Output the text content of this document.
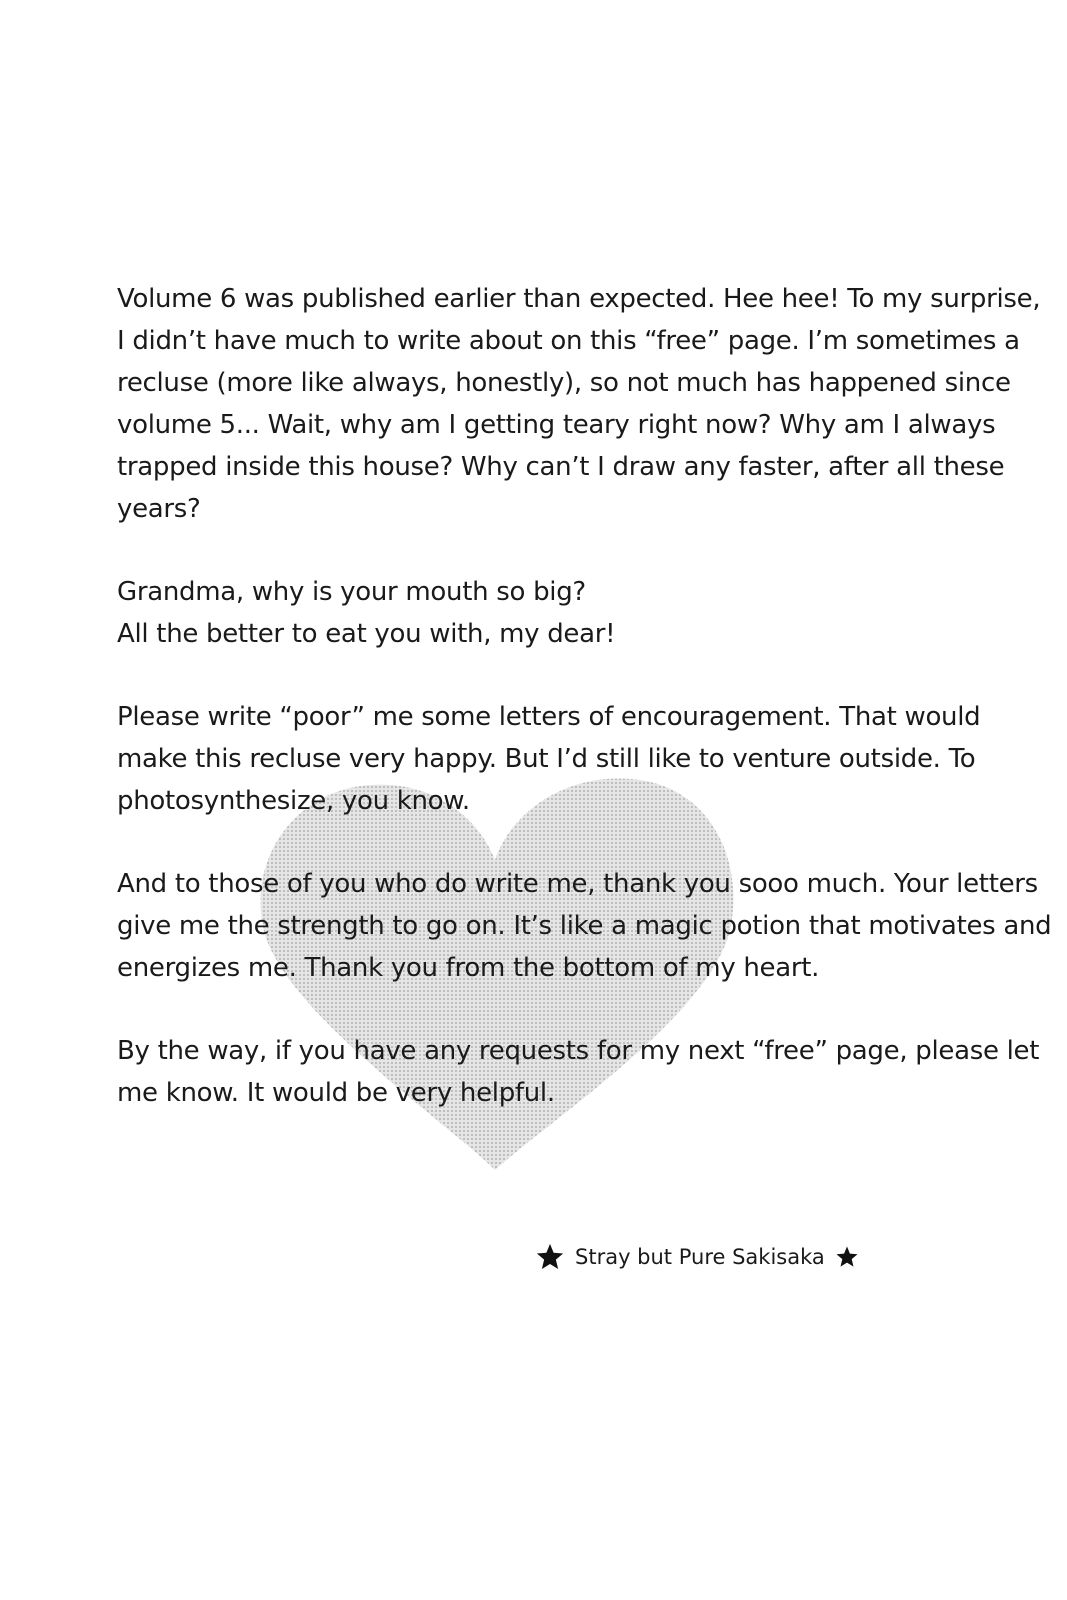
Volume 6 was published earlier than expected. Hee hee! To my surprise,
I didn’t have much to write about on this “free” page. I’m sometimes a
recluse (more like always, honestly), so not much has happened since
volume 5... Wait, why am I getting teary right now? Why am I always
trapped inside this house? Why can’t I draw any faster, after all these
years?

Grandma, why is your mouth so big?
All the better to eat you with, my dear!

Please write “poor” me some letters of encouragement. That would
make this recluse very happy. But I’d still like to venture outside. To
photosynthesize, you know.

And to those of you who do write me, thank you sooo much. Your letters
give me the strength to go on. It’s like a magic potion that motivates and
energizes me. Thank you from the bottom of my heart.

By the way, if you have any requests for my next “free” page, please let
me know. It would be very helpful.

Stray but Pure Sakisaka
